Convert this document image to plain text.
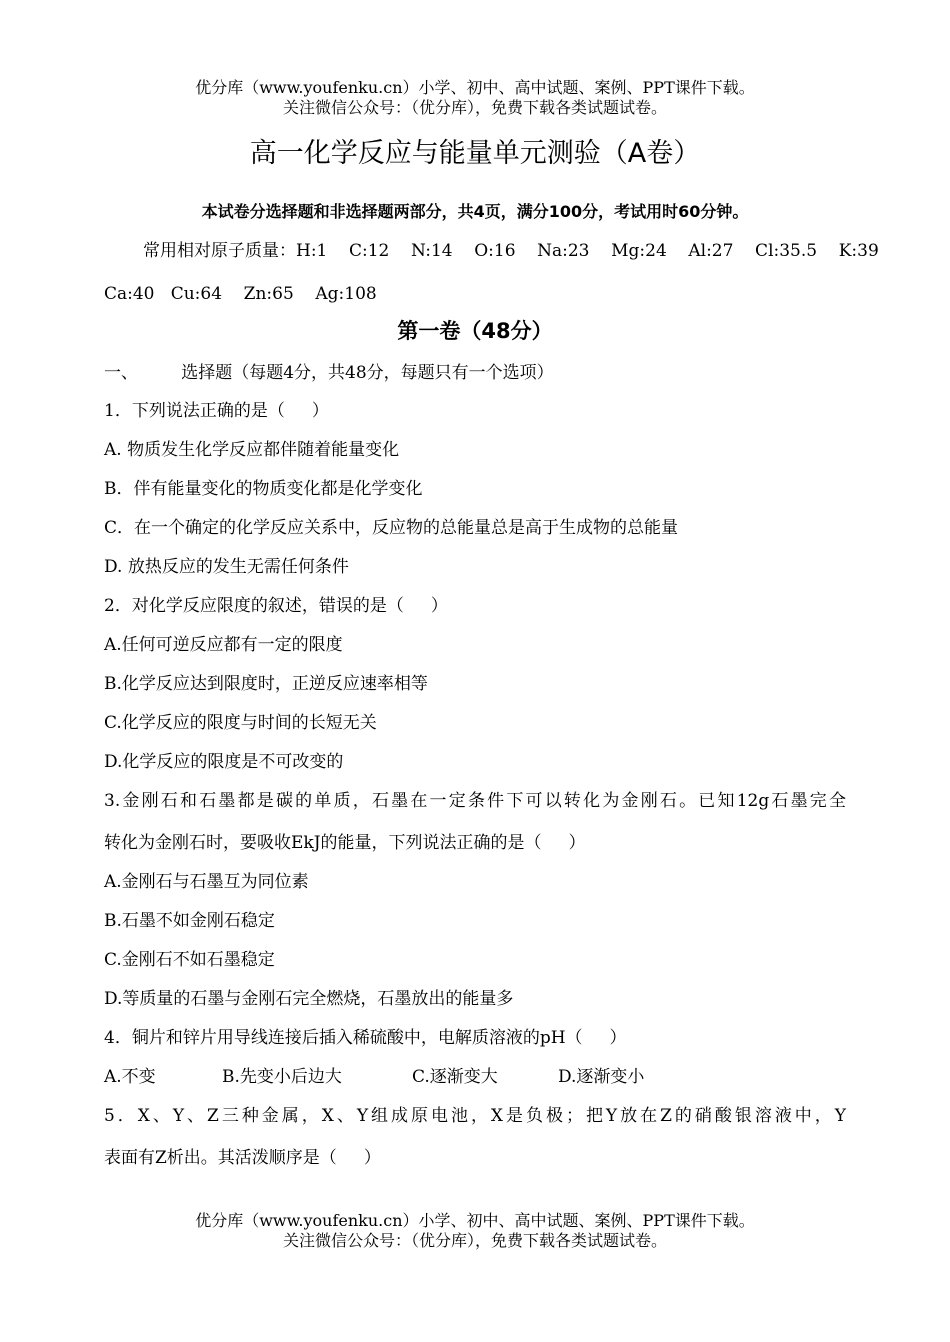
优分库（www.youfenku.cn）小学、初中、高中试题、案例、PPT课件下载。
关注微信公众号：（优分库），免费下载各类试题试卷。
高一化学反应与能量单元测验（A卷）
本试卷分选择题和非选择题两部分，共4页，满分100分，考试用时60分钟。
常用相对原子质量：H:1    C:12    N:14    O:16    Na:23    Mg:24    Al:27    Cl:35.5    K:39
Ca:40   Cu:64    Zn:65    Ag:108
第一卷（48分）
一、        选择题（每题4分，共48分，每题只有一个选项）
1．下列说法正确的是（     ）
A. 物质发生化学反应都伴随着能量变化
B．伴有能量变化的物质变化都是化学变化
C．在一个确定的化学反应关系中，反应物的总能量总是高于生成物的总能量
D. 放热反应的发生无需任何条件
2．对化学反应限度的叙述，错误的是（     ）
A.任何可逆反应都有一定的限度
B.化学反应达到限度时，正逆反应速率相等
C.化学反应的限度与时间的长短无关
D.化学反应的限度是不可改变的
3.金刚石和石墨都是碳的单质，石墨在一定条件下可以转化为金刚石。已知12g石墨完全
转化为金刚石时，要吸收EkJ的能量，下列说法正确的是（     ）
A.金刚石与石墨互为同位素
B.石墨不如金刚石稳定
C.金刚石不如石墨稳定
D.等质量的石墨与金刚石完全燃烧，石墨放出的能量多
4．铜片和锌片用导线连接后插入稀硫酸中，电解质溶液的pH（     ）
A.不变	B.先变小后边大	C.逐渐变大	D.逐渐变小
5．X、Y、Z三种金属，X、Y组成原电池，X是负极；把Y放在Z的硝酸银溶液中，Y
表面有Z析出。其活泼顺序是（     ）
优分库（www.youfenku.cn）小学、初中、高中试题、案例、PPT课件下载。
关注微信公众号：（优分库），免费下载各类试题试卷。
